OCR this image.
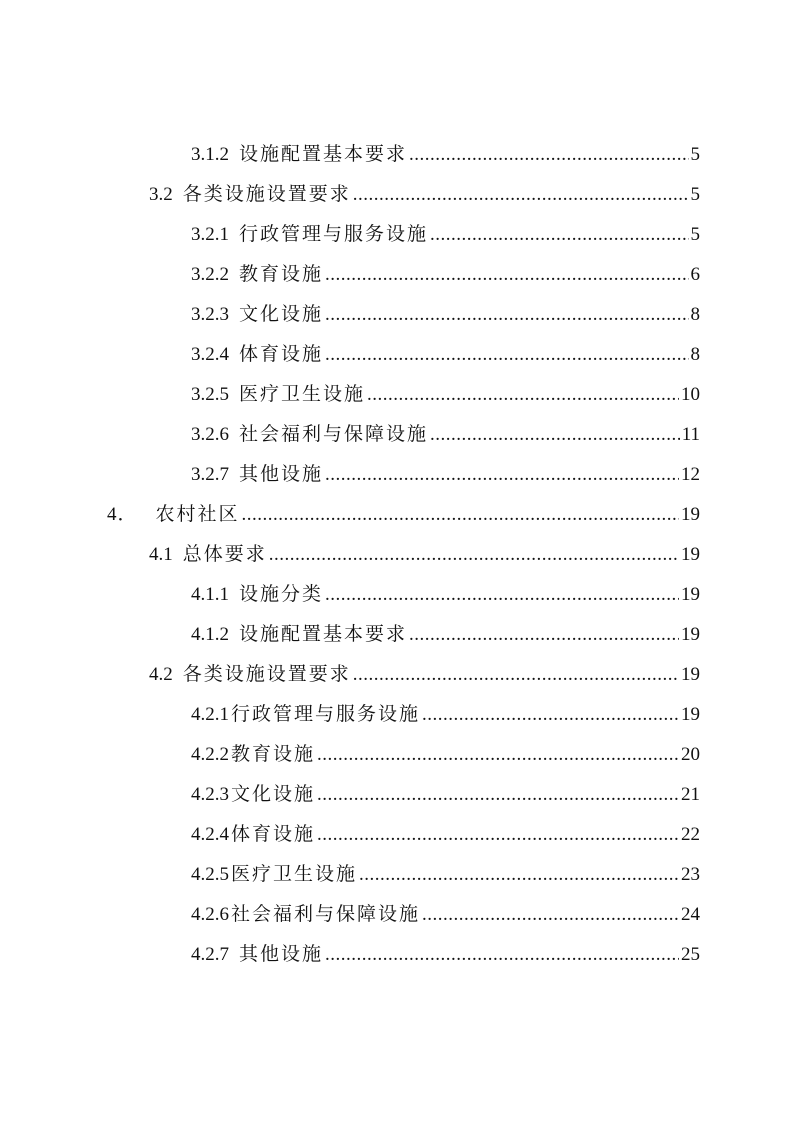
3.1.2 设施配置基本要求 .....	5
3.2 各类设施设置要求 .....	5
3.2.1 行政管理与服务设施 .....	5
3.2.2 教育设施 .....	6
3.2.3 文化设施 .....	8
3.2.4 体育设施 .....	8
3.2.5 医疗卫生设施 .....	10
3.2.6 社会福利与保障设施 .....	11
3.2.7 其他设施 .....	12
4． 农村社区 .....	19
4.1 总体要求 .....	19
4.1.1 设施分类 .....	19
4.1.2 设施配置基本要求 .....	19
4.2 各类设施设置要求 .....	19
4.2.1 行政管理与服务设施 .....	19
4.2.2 教育设施 .....	20
4.2.3 文化设施 .....	21
4.2.4 体育设施 .....	22
4.2.5 医疗卫生设施 .....	23
4.2.6 社会福利与保障设施 .....	24
4.2.7 其他设施 .....	25
